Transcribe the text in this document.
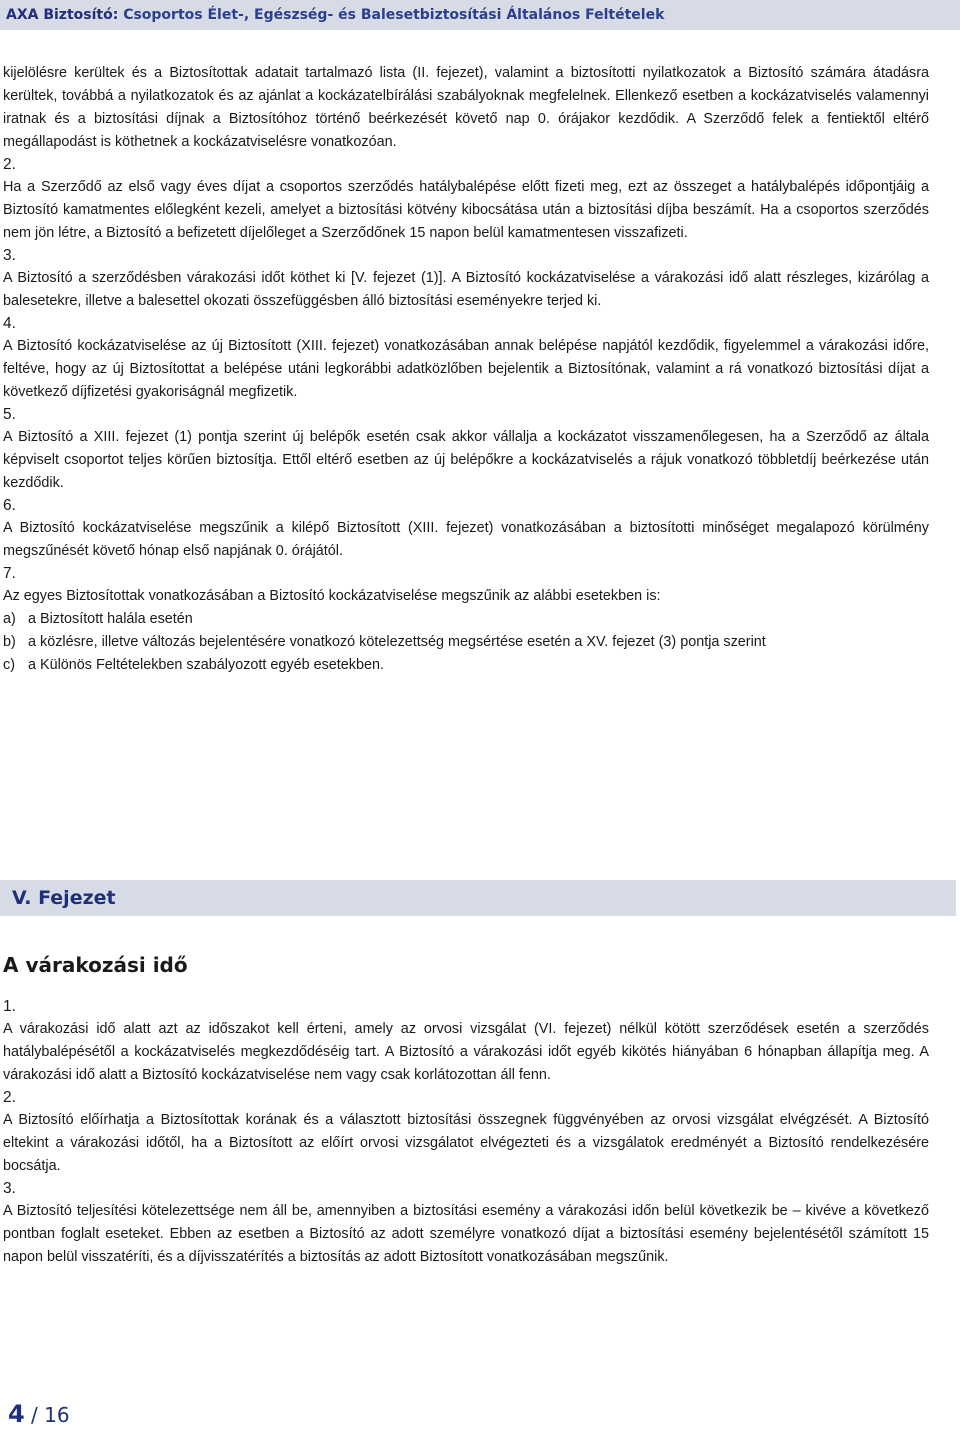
AXA Biztosító: Csoportos Élet-, Egészség- és Balesetbiztosítási Általános Feltételek

kijelölésre kerültek és a Biztosítottak adatait tartalmazó lista (II. fejezet), valamint a biztosítotti nyilatkozatok a Biztosító számára átadásra kerültek, továbbá a nyilatkozatok és az ajánlat a kockázatelbírálási szabályoknak megfelelnek. Ellenkező esetben a kockázatviselés valamennyi iratnak és a biztosítási díjnak a Biztosítóhoz történő beérkezését követő nap 0. órájakor kezdődik. A Szerződő felek a fentiektől eltérő megállapodást is köthetnek a kockázatviselésre vonatkozóan.

2.

Ha a Szerződő az első vagy éves díjat a csoportos szerződés hatálybalépése előtt fizeti meg, ezt az összeget a hatálybalépés időpontjáig a Biztosító kamatmentes előlegként kezeli, amelyet a biztosítási kötvény kibocsátása után a biztosítási díjba beszámít. Ha a csoportos szerződés nem jön létre, a Biztosító a befizetett díjelőleget a Szerződőnek 15 napon belül kamatmentesen visszafizeti.

3.

A Biztosító a szerződésben várakozási időt köthet ki [V. fejezet (1)]. A Biztosító kockázatviselése a várakozási idő alatt részleges, kizárólag a balesetekre, illetve a balesettel okozati összefüggésben álló biztosítási eseményekre terjed ki.

4.

A Biztosító kockázatviselése az új Biztosított (XIII. fejezet) vonatkozásában annak belépése napjától kezdődik, figyelemmel a várakozási időre, feltéve, hogy az új Biztosítottat a belépése utáni legkorábbi adatközlőben bejelentik a Biztosítónak, valamint a rá vonatkozó biztosítási díjat a következő díjfizetési gyakoriságnál megfizetik.

5.

A Biztosító a XIII. fejezet (1) pontja szerint új belépők esetén csak akkor vállalja a kockázatot visszamenőlegesen, ha a Szerződő az általa képviselt csoportot teljes körűen biztosítja. Ettől eltérő esetben az új belépőkre a kockázatviselés a rájuk vonatkozó többletdíj beérkezése után kezdődik.

6.

A Biztosító kockázatviselése megszűnik a kilépő Biztosított (XIII. fejezet) vonatkozásában a biztosítotti minőséget megalapozó körülmény megszűnését követő hónap első napjának 0. órájától.

7.

Az egyes Biztosítottak vonatkozásában a Biztosító kockázatviselése megszűnik az alábbi esetekben is:

a) a Biztosított halála esetén
b) a közlésre, illetve változás bejelentésére vonatkozó kötelezettség megsértése esetén a XV. fejezet (3) pontja szerint
c) a Különös Feltételekben szabályozott egyéb esetekben.
V. Fejezet
A várakozási idő

1.

A várakozási idő alatt azt az időszakot kell érteni, amely az orvosi vizsgálat (VI. fejezet) nélkül kötött szerződések esetén a szerződés hatálybalépésétől a kockázatviselés megkezdődéséig tart. A Biztosító a várakozási időt egyéb kikötés hiányában 6 hónapban állapítja meg. A várakozási idő alatt a Biztosító kockázatviselése nem vagy csak korlátozottan áll fenn.

2.

A Biztosító előírhatja a Biztosítottak korának és a választott biztosítási összegnek függvényében az orvosi vizsgálat elvégzését. A Biztosító eltekint a várakozási időtől, ha a Biztosított az előírt orvosi vizsgálatot elvégezteti és a vizsgálatok eredményét a Biztosító rendelkezésére bocsátja.

3.

A Biztosító teljesítési kötelezettsége nem áll be, amennyiben a biztosítási esemény a várakozási időn belül következik be – kivéve a következő pontban foglalt eseteket. Ebben az esetben a Biztosító az adott személyre vonatkozó díjat a biztosítási esemény bejelentésétől számított 15 napon belül visszatéríti, és a díjvisszatérítés a biztosítás az adott Biztosított vonatkozásában megszűnik.

4 / 16
